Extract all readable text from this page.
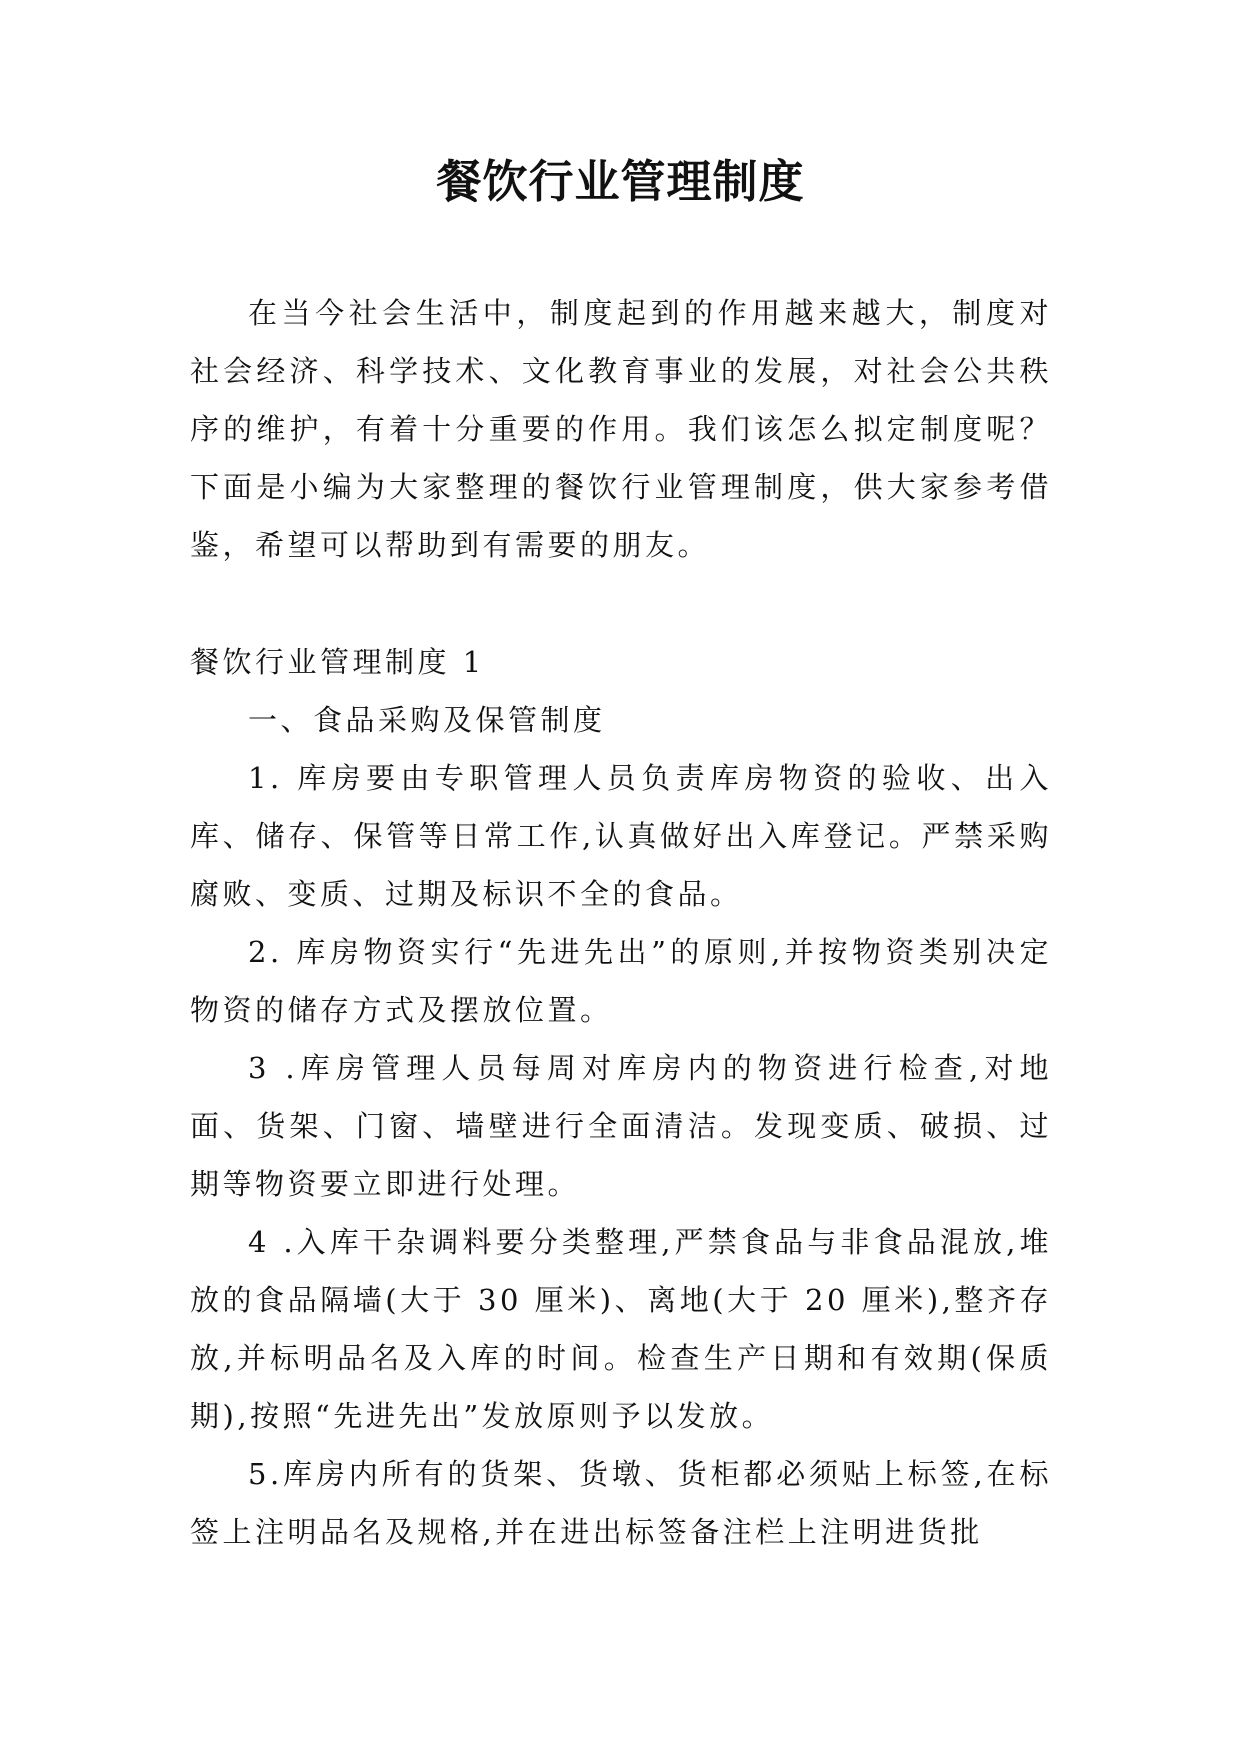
餐饮行业管理制度

在当今社会生活中，制度起到的作用越来越大，制度对社会经济、科学技术、文化教育事业的发展，对社会公共秩序的维护，有着十分重要的作用。我们该怎么拟定制度呢？下面是小编为大家整理的餐饮行业管理制度，供大家参考借鉴，希望可以帮助到有需要的朋友。

餐饮行业管理制度 1

一、食品采购及保管制度

1. 库房要由专职管理人员负责库房物资的验收、出入库、储存、保管等日常工作,认真做好出入库登记。严禁采购腐败、变质、过期及标识不全的食品。

2. 库房物资实行“先进先出”的原则,并按物资类别决定物资的储存方式及摆放位置。

3 .库房管理人员每周对库房内的物资进行检查,对地面、货架、门窗、墙壁进行全面清洁。发现变质、破损、过期等物资要立即进行处理。

4 .入库干杂调料要分类整理,严禁食品与非食品混放,堆放的食品隔墙(大于 30 厘米)、离地(大于 20 厘米),整齐存放,并标明品名及入库的时间。检查生产日期和有效期(保质期),按照“先进先出”发放原则予以发放。

5.库房内所有的货架、货墩、货柜都必须贴上标签,在标签上注明品名及规格,并在进出标签备注栏上注明进货批
